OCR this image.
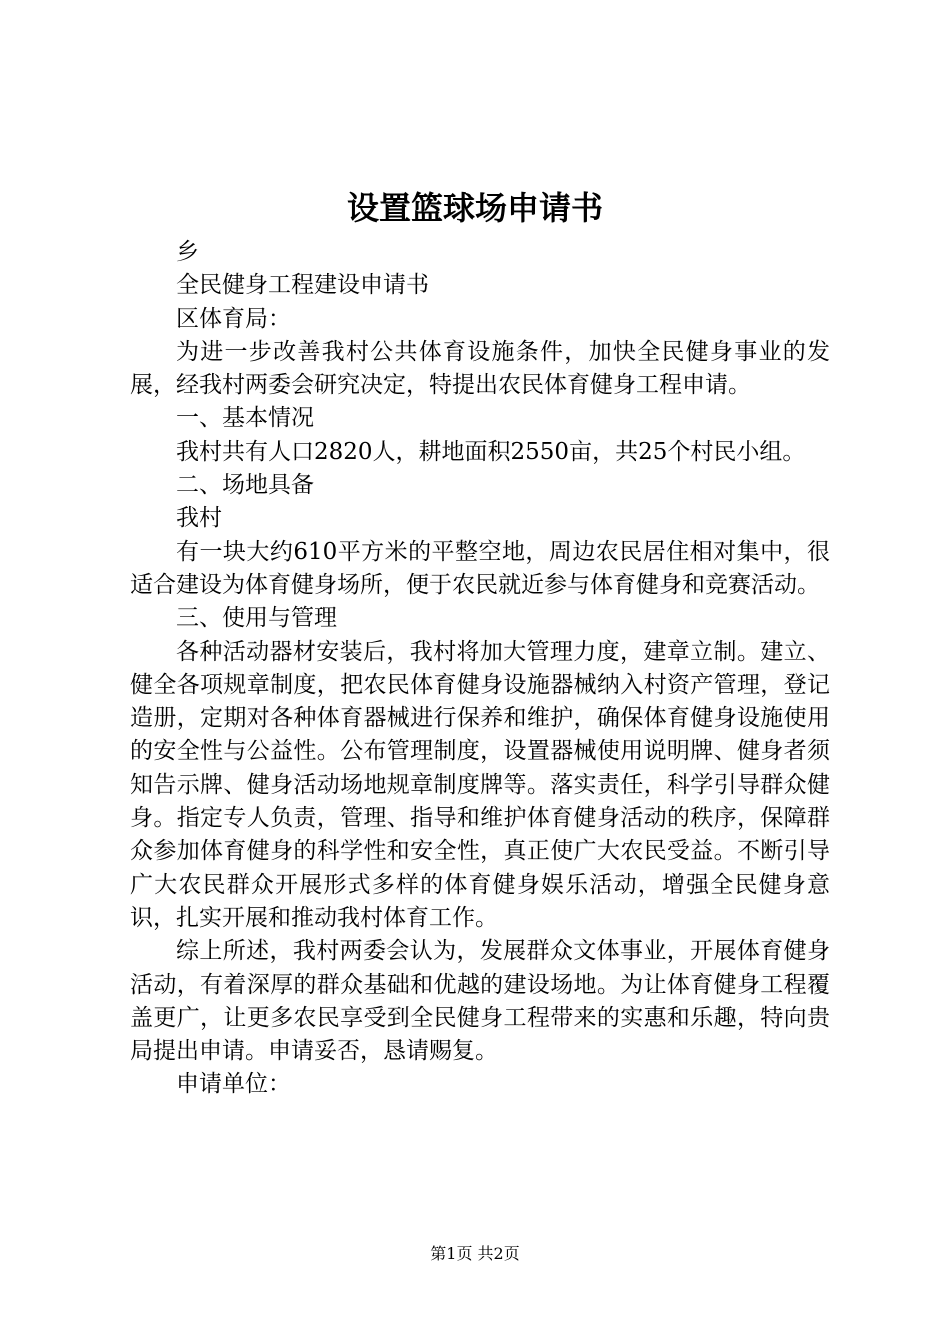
设置篮球场申请书

乡

全民健身工程建设申请书

区体育局：

为进一步改善我村公共体育设施条件，加快全民健身事业的发展，经我村两委会研究决定，特提出农民体育健身工程申请。

一、基本情况

我村共有人口2820人，耕地面积2550亩，共25个村民小组。

二、场地具备

我村

有一块大约610平方米的平整空地，周边农民居住相对集中，很适合建设为体育健身场所，便于农民就近参与体育健身和竞赛活动。

三、使用与管理

各种活动器材安装后，我村将加大管理力度，建章立制。建立、健全各项规章制度，把农民体育健身设施器械纳入村资产管理，登记造册，定期对各种体育器械进行保养和维护，确保体育健身设施使用的安全性与公益性。公布管理制度，设置器械使用说明牌、健身者须知告示牌、健身活动场地规章制度牌等。落实责任，科学引导群众健身。指定专人负责，管理、指导和维护体育健身活动的秩序，保障群众参加体育健身的科学性和安全性，真正使广大农民受益。不断引导广大农民群众开展形式多样的体育健身娱乐活动，增强全民健身意识，扎实开展和推动我村体育工作。

综上所述，我村两委会认为，发展群众文体事业，开展体育健身活动，有着深厚的群众基础和优越的建设场地。为让体育健身工程覆盖更广，让更多农民享受到全民健身工程带来的实惠和乐趣，特向贵局提出申请。申请妥否，恳请赐复。

申请单位：

第1页 共2页
